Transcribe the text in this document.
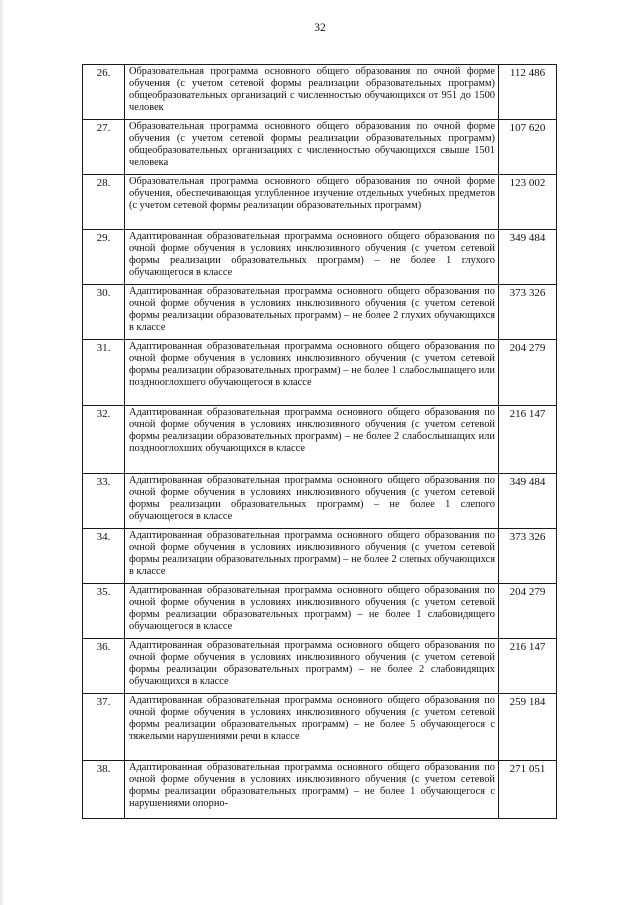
32
26.	Образовательная программа основного общего образования по очной форме обучения (с учетом сетевой формы реализации образовательных программ) общеобразовательных организаций с численностью обучающихся от 951 до 1500 человек	112 486
27.	Образовательная программа основного общего образования по очной форме обучения (с учетом сетевой формы реализации образовательных программ) общеобразовательных организациях с численностью обучающихся свыше 1501 человека	107 620
28.	Образовательная программа основного общего образования по очной форме обучения, обеспечивающая углубленное изучение отдельных учебных предметов (с учетом сетевой формы реализации образовательных программ)	123 002
29.	Адаптированная образовательная программа основного общего образования по очной форме обучения в условиях инклюзивного обучения (с учетом сетевой формы реализации образовательных программ) – не более 1 глухого обучающегося в классе	349 484
30.	Адаптированная образовательная программа основного общего образования по очной форме обучения в условиях инклюзивного обучения (с учетом сетевой формы реализации образовательных программ) – не более 2 глухих обучающихся в классе	373 326
31.	Адаптированная образовательная программа основного общего образования по очной форме обучения в условиях инклюзивного обучения (с учетом сетевой формы реализации образовательных программ) – не более 1 слабослышащего или позднооглохшего обучающегося в классе	204 279
32.	Адаптированная образовательная программа основного общего образования по очной форме обучения в условиях инклюзивного обучения (с учетом сетевой формы реализации образовательных программ) – не более 2 слабослышащих или позднооглохших обучающихся в классе	216 147
33.	Адаптированная образовательная программа основного общего образования по очной форме обучения в условиях инклюзивного обучения (с учетом сетевой формы реализации образовательных программ) – не более 1 слепого обучающегося в классе	349 484
34.	Адаптированная образовательная программа основного общего образования по очной форме обучения в условиях инклюзивного обучения (с учетом сетевой формы реализации образовательных программ) – не более 2 слепых обучающихся в классе	373 326
35.	Адаптированная образовательная программа основного общего образования по очной форме обучения в условиях инклюзивного обучения (с учетом сетевой формы реализации образовательных программ) – не более 1 слабовидящего обучающегося в классе	204 279
36.	Адаптированная образовательная программа основного общего образования по очной форме обучения в условиях инклюзивного обучения (с учетом сетевой формы реализации образовательных программ) – не более 2 слабовидящих обучающихся в классе	216 147
37.	Адаптированная образовательная программа основного общего образования по очной форме обучения в условиях инклюзивного обучения (с учетом сетевой формы реализации образовательных программ) – не более 5 обучающегося с тяжелыми нарушениями речи в классе	259 184
38.	Адаптированная образовательная программа основного общего образования по очной форме обучения в условиях инклюзивного обучения (с учетом сетевой формы реализации образовательных программ) – не более 1 обучающегося с нарушениями опорно-	271 051
